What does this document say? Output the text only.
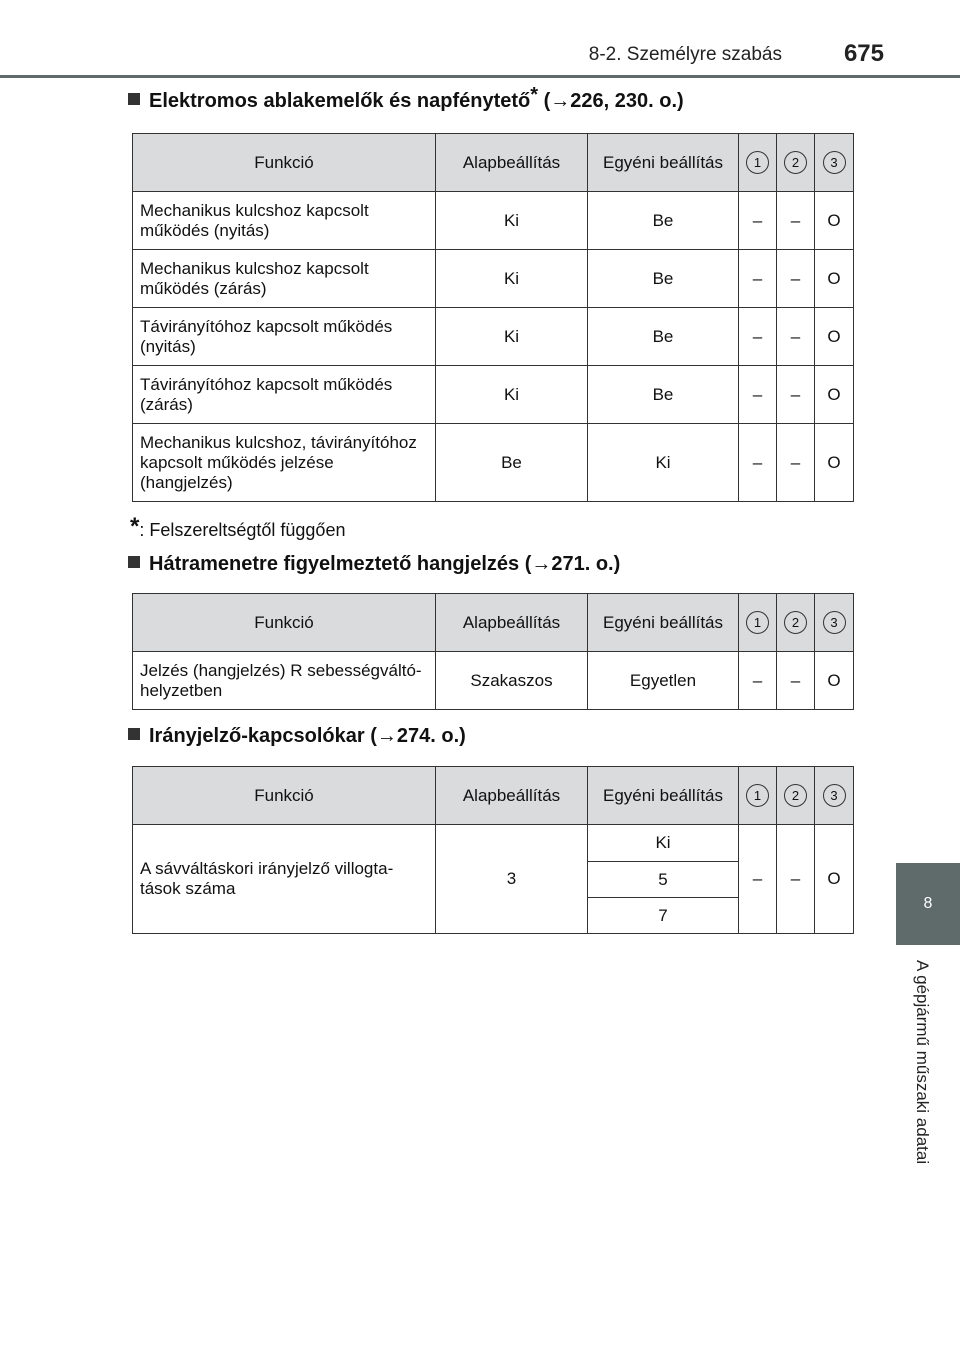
8-2. Személyre szabás	675
8
A gépjármű műszaki adatai
Elektromos ablakemelők és napfénytető* (→226, 230. o.)
Funkció	Alapbeállítás	Egyéni beállítás	1	2	3
Mechanikus kulcshoz kapcsolt működés (nyitás)	Ki	Be	–	–	O
Mechanikus kulcshoz kapcsolt működés (zárás)	Ki	Be	–	–	O
Távirányítóhoz kapcsolt működés (nyitás)	Ki	Be	–	–	O
Távirányítóhoz kapcsolt működés (zárás)	Ki	Be	–	–	O
Mechanikus kulcshoz, távirányítóhoz kapcsolt működés jelzése (hangjelzés)	Be	Ki	–	–	O
*: Felszereltségtől függően
Hátramenetre figyelmeztető hangjelzés (→271. o.)
Funkció	Alapbeállítás	Egyéni beállítás	1	2	3
Jelzés (hangjelzés) R sebességváltó-helyzetben	Szakaszos	Egyetlen	–	–	O
Irányjelző-kapcsolókar (→274. o.)
Funkció	Alapbeállítás	Egyéni beállítás	1	2	3
A sávváltáskori irányjelző villogtatások száma	3	Ki	–	–	O
		5			
		7			
